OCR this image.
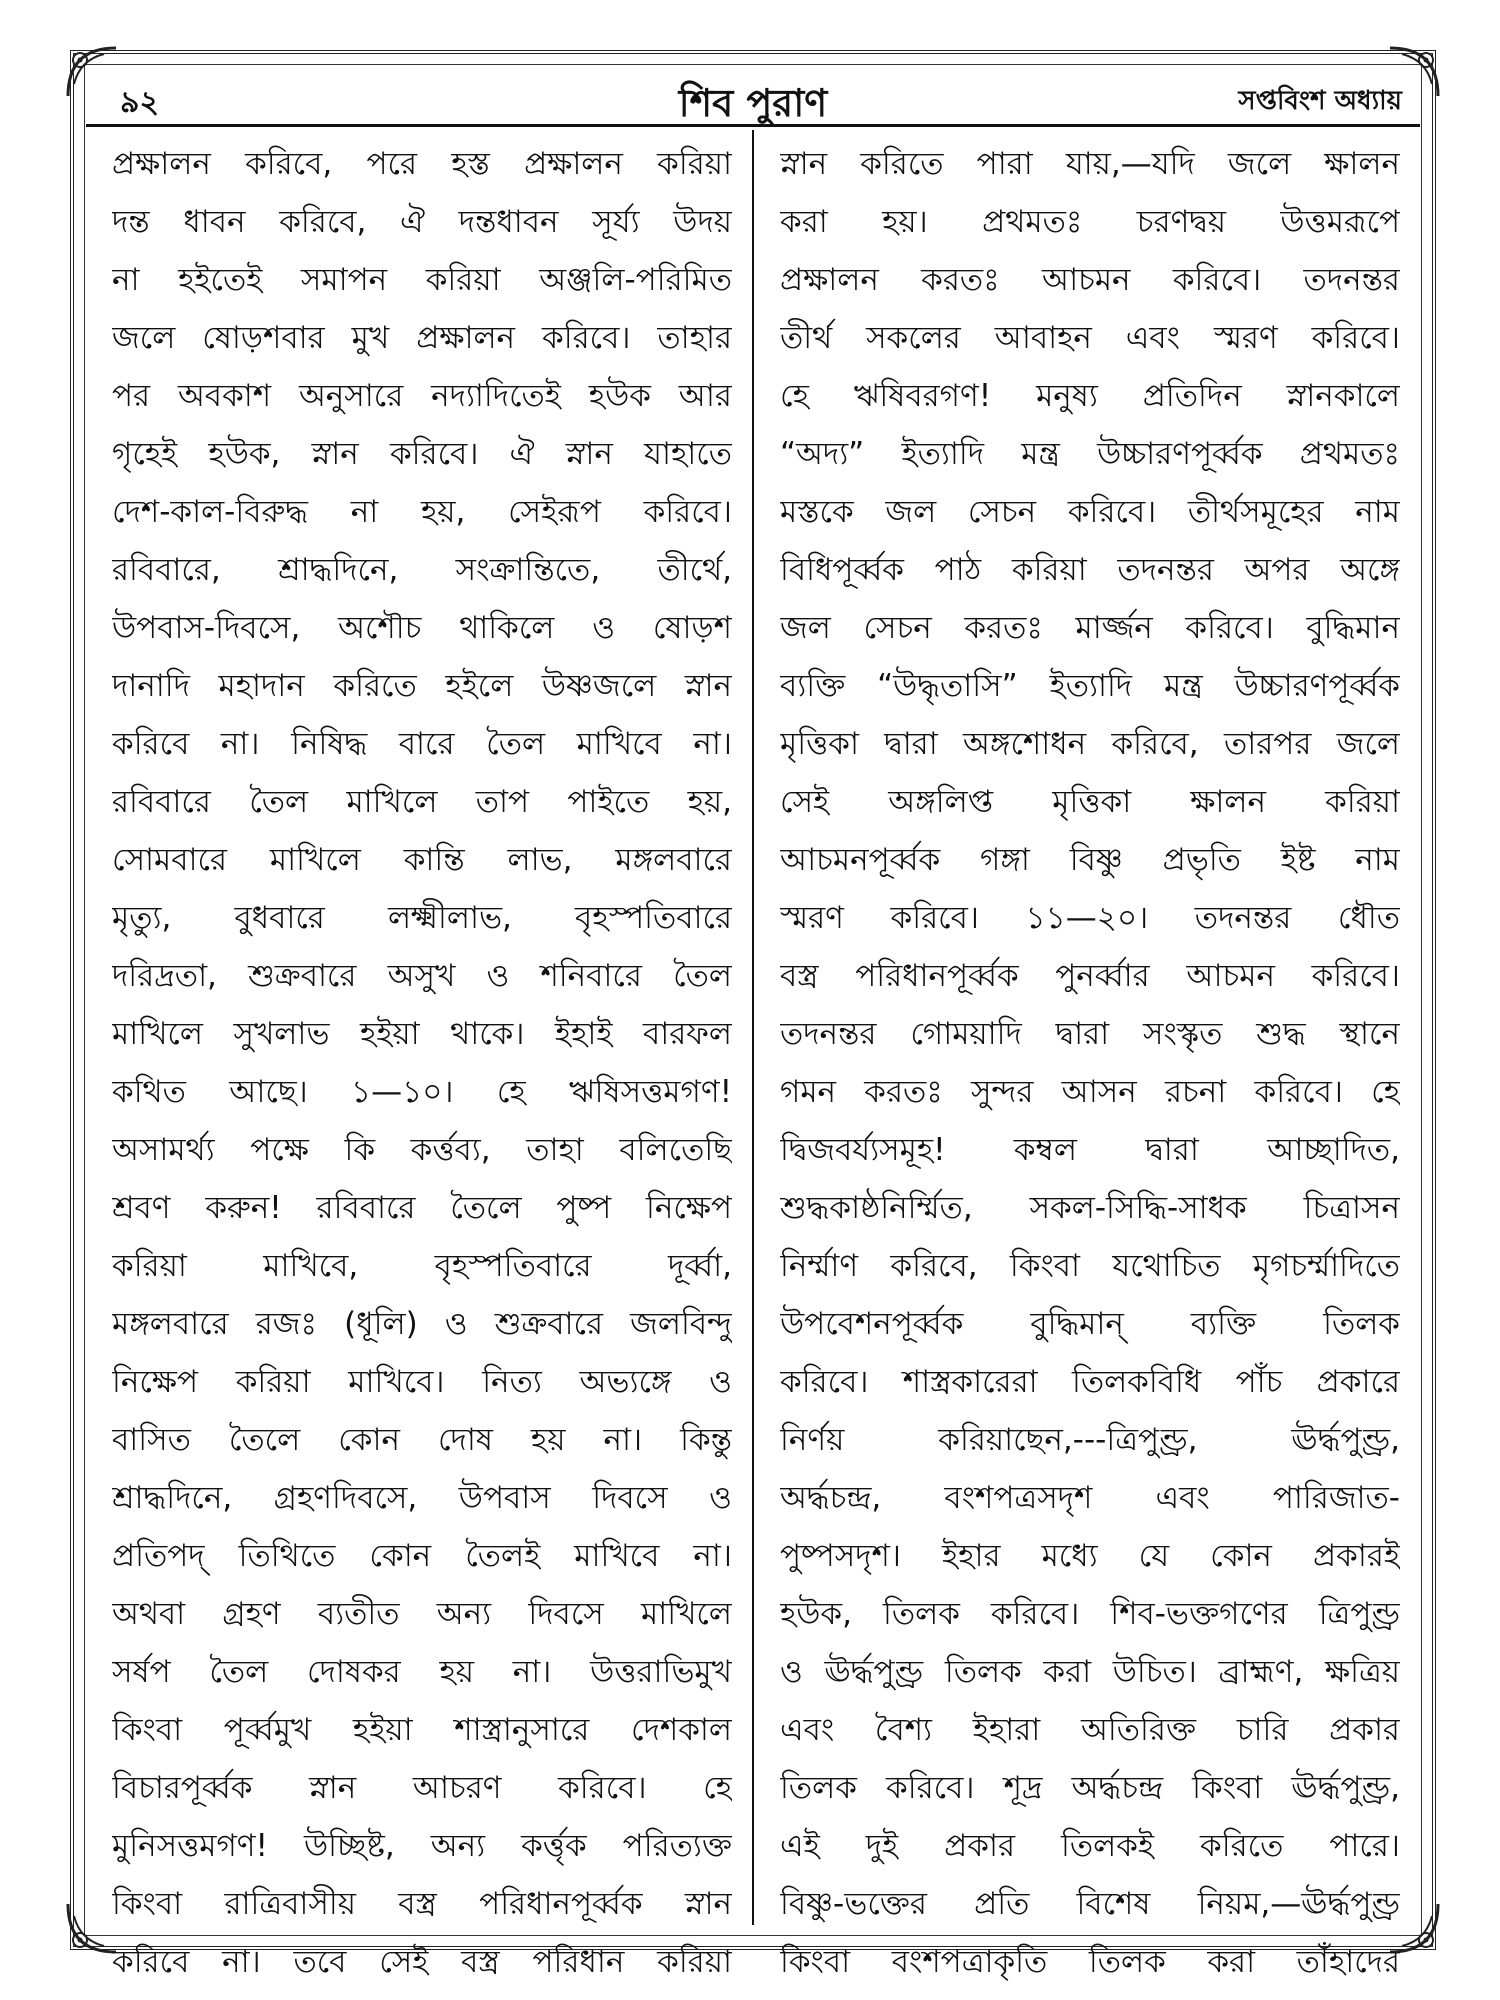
৯২	শিব পুরাণ	সপ্তবিংশ অধ্যায়
প্রক্ষালন করিবে, পরে হস্ত প্রক্ষালন করিয়া
দন্ত ধাবন করিবে, ঐ দন্তধাবন সূর্য্য উদয়
না হইতেই সমাপন করিয়া অঞ্জলি-পরিমিত
জলে ষোড়শবার মুখ প্রক্ষালন করিবে। তাহার
পর অবকাশ অনুসারে নদ্যাদিতেই হউক আর
গৃহেই হউক, স্নান করিবে। ঐ স্নান যাহাতে
দেশ-কাল-বিরুদ্ধ না হয়, সেইরূপ করিবে।
রবিবারে, শ্রাদ্ধদিনে, সংক্রান্তিতে, তীর্থে,
উপবাস-দিবসে, অশৌচ থাকিলে ও ষোড়শ
দানাদি মহাদান করিতে হইলে উষ্ণজলে স্নান
করিবে না। নিষিদ্ধ বারে তৈল মাখিবে না।
রবিবারে তৈল মাখিলে তাপ পাইতে হয়,
সোমবারে মাখিলে কান্তি লাভ, মঙ্গলবারে
মৃত্যু, বুধবারে লক্ষ্মীলাভ, বৃহস্পতিবারে
দরিদ্রতা, শুক্রবারে অসুখ ও শনিবারে তৈল
মাখিলে সুখলাভ হইয়া থাকে। ইহাই বারফল
কথিত আছে। ১—১০। হে ঋষিসত্তমগণ!
অসামর্থ্য পক্ষে কি কর্ত্তব্য, তাহা বলিতেছি
শ্রবণ করুন! রবিবারে তৈলে পুষ্প নিক্ষেপ
করিয়া মাখিবে, বৃহস্পতিবারে দূর্ব্বা,
মঙ্গলবারে রজঃ (ধূলি) ও শুক্রবারে জলবিন্দু
নিক্ষেপ করিয়া মাখিবে। নিত্য অভ্যঙ্গে ও
বাসিত তৈলে কোন দোষ হয় না। কিন্তু
শ্রাদ্ধদিনে, গ্রহণদিবসে, উপবাস দিবসে ও
প্রতিপদ্‌ তিথিতে কোন তৈলই মাখিবে না।
অথবা গ্রহণ ব্যতীত অন্য দিবসে মাখিলে
সর্ষপ তৈল দোষকর হয় না। উত্তরাভিমুখ
কিংবা পূর্ব্বমুখ হইয়া শাস্ত্রানুসারে দেশকাল
বিচারপূর্ব্বক স্নান আচরণ করিবে। হে
মুনিসত্তমগণ! উচ্ছিষ্ট, অন্য কর্ত্তৃক পরিত্যক্ত
কিংবা রাত্রিবাসীয় বস্ত্র পরিধানপূর্ব্বক স্নান
করিবে না। তবে সেই বস্ত্র পরিধান করিয়া
স্নান করিতে পারা যায়,—যদি জলে ক্ষালন
করা হয়। প্রথমতঃ চরণদ্বয় উত্তমরূপে
প্রক্ষালন করতঃ আচমন করিবে। তদনন্তর
তীর্থ সকলের আবাহন এবং স্মরণ করিবে।
হে ঋষিবরগণ! মনুষ্য প্রতিদিন স্নানকালে
“অদ্য” ইত্যাদি মন্ত্র উচ্চারণপূর্ব্বক প্রথমতঃ
মস্তকে জল সেচন করিবে। তীর্থসমূহের নাম
বিধিপূর্ব্বক পাঠ করিয়া তদনন্তর অপর অঙ্গে
জল সেচন করতঃ মার্জ্জন করিবে। বুদ্ধিমান
ব্যক্তি “উদ্ধৃতাসি” ইত্যাদি মন্ত্র উচ্চারণপূর্ব্বক
মৃত্তিকা দ্বারা অঙ্গশোধন করিবে, তারপর জলে
সেই অঙ্গলিপ্ত মৃত্তিকা ক্ষালন করিয়া
আচমনপূর্ব্বক গঙ্গা বিষ্ণু প্রভৃতি ইষ্ট নাম
স্মরণ করিবে। ১১—২০। তদনন্তর ধৌত
বস্ত্র পরিধানপূর্ব্বক পুনর্ব্বার আচমন করিবে।
তদনন্তর গোময়াদি দ্বারা সংস্কৃত শুদ্ধ স্থানে
গমন করতঃ সুন্দর আসন রচনা করিবে। হে
দ্বিজবর্য্যসমূহ! কম্বল দ্বারা আচ্ছাদিত,
শুদ্ধকাষ্ঠনির্ম্মিত, সকল-সিদ্ধি-সাধক চিত্রাসন
নির্ম্মাণ করিবে, কিংবা যথোচিত মৃগচর্ম্মাদিতে
উপবেশনপূর্ব্বক বুদ্ধিমান্‌ ব্যক্তি তিলক
করিবে। শাস্ত্রকারেরা তিলকবিধি পাঁচ প্রকারে
নির্ণয় করিয়াছেন,---ত্রিপুণ্ড্র, ঊর্দ্ধপুণ্ড্র,
অর্দ্ধচন্দ্র, বংশপত্রসদৃশ এবং পারিজাত-
পুষ্পসদৃশ। ইহার মধ্যে যে কোন প্রকারই
হউক, তিলক করিবে। শিব-ভক্তগণের ত্রিপুণ্ড্র
ও ঊর্দ্ধপুণ্ড্র তিলক করা উচিত। ব্রাহ্মণ, ক্ষত্রিয়
এবং বৈশ্য ইহারা অতিরিক্ত চারি প্রকার
তিলক করিবে। শূদ্র অর্দ্ধচন্দ্র কিংবা ঊর্দ্ধপুণ্ড্র,
এই দুই প্রকার তিলকই করিতে পারে।
বিষ্ণু-ভক্তের প্রতি বিশেষ নিয়ম,—ঊর্দ্ধপুণ্ড্র
কিংবা বংশপত্রাকৃতি তিলক করা তাঁহাদের
